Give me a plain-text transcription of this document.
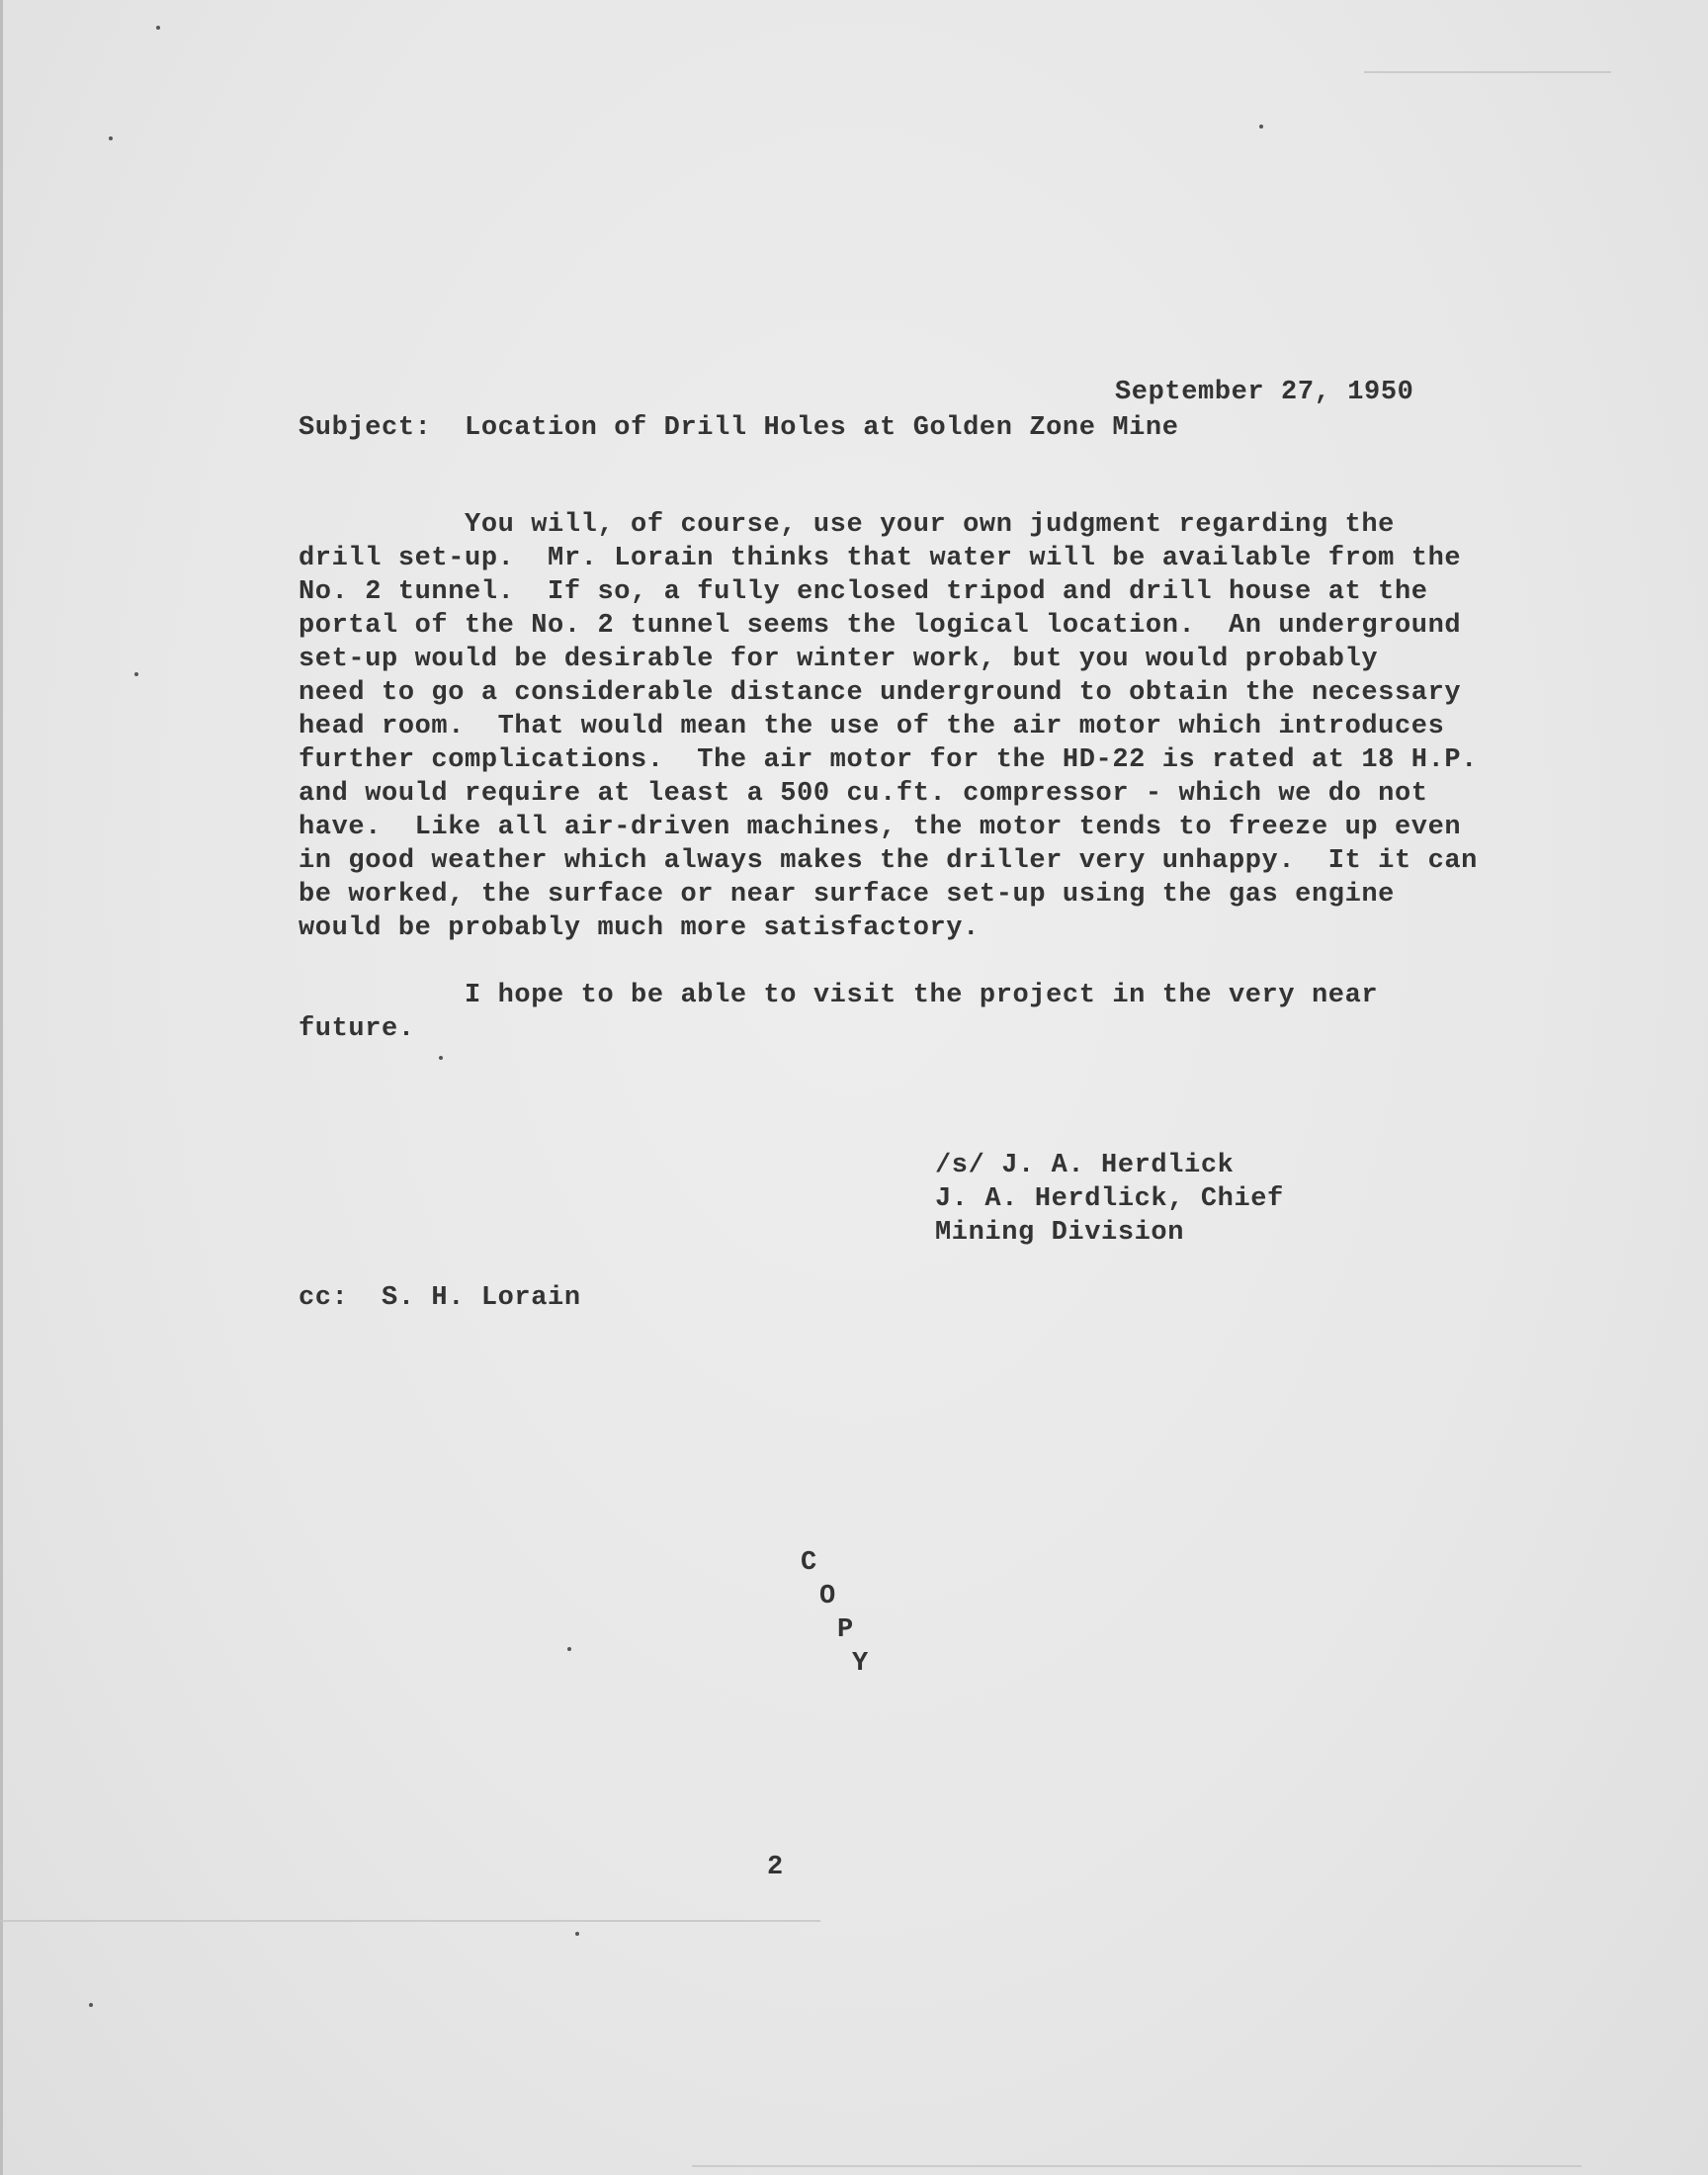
September 27, 1950
Subject:  Location of Drill Holes at Golden Zone Mine
You will, of course, use your own judgment regarding the
drill set-up.  Mr. Lorain thinks that water will be available from the
No. 2 tunnel.  If so, a fully enclosed tripod and drill house at the
portal of the No. 2 tunnel seems the logical location.  An underground
set-up would be desirable for winter work, but you would probably
need to go a considerable distance underground to obtain the necessary
head room.  That would mean the use of the air motor which introduces
further complications.  The air motor for the HD-22 is rated at 18 H.P.
and would require at least a 500 cu.ft. compressor - which we do not
have.  Like all air-driven machines, the motor tends to freeze up even
in good weather which always makes the driller very unhappy.  It it can
be worked, the surface or near surface set-up using the gas engine
would be probably much more satisfactory.
I hope to be able to visit the project in the very near
future.
/s/ J. A. Herdlick
J. A. Herdlick, Chief
Mining Division
cc:  S. H. Lorain
C
O
P
Y
2
